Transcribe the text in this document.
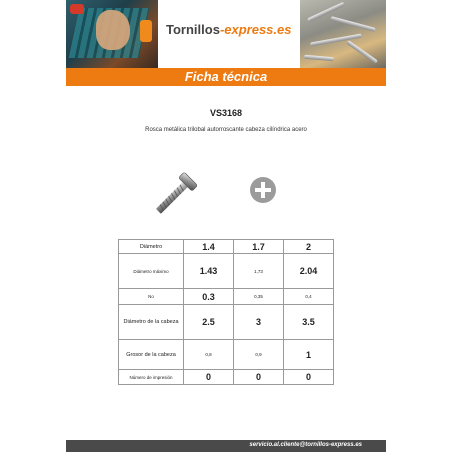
Tornillos-express.es
Ficha técnica
VS3168
Rosca metálica trilobal autorroscante cabeza cilíndrica acero
Diámetro	1.4	1.7	2
Diámetro máximo	1.43	1,73	2.04
No	0.3	0,35	0,4
Diámetro de la cabeza	2.5	3	3.5
Grosor de la cabeza	0,8	0,9	1
Número de impresión	0	0	0
servicio.al.cliente@tornillos-express.es
